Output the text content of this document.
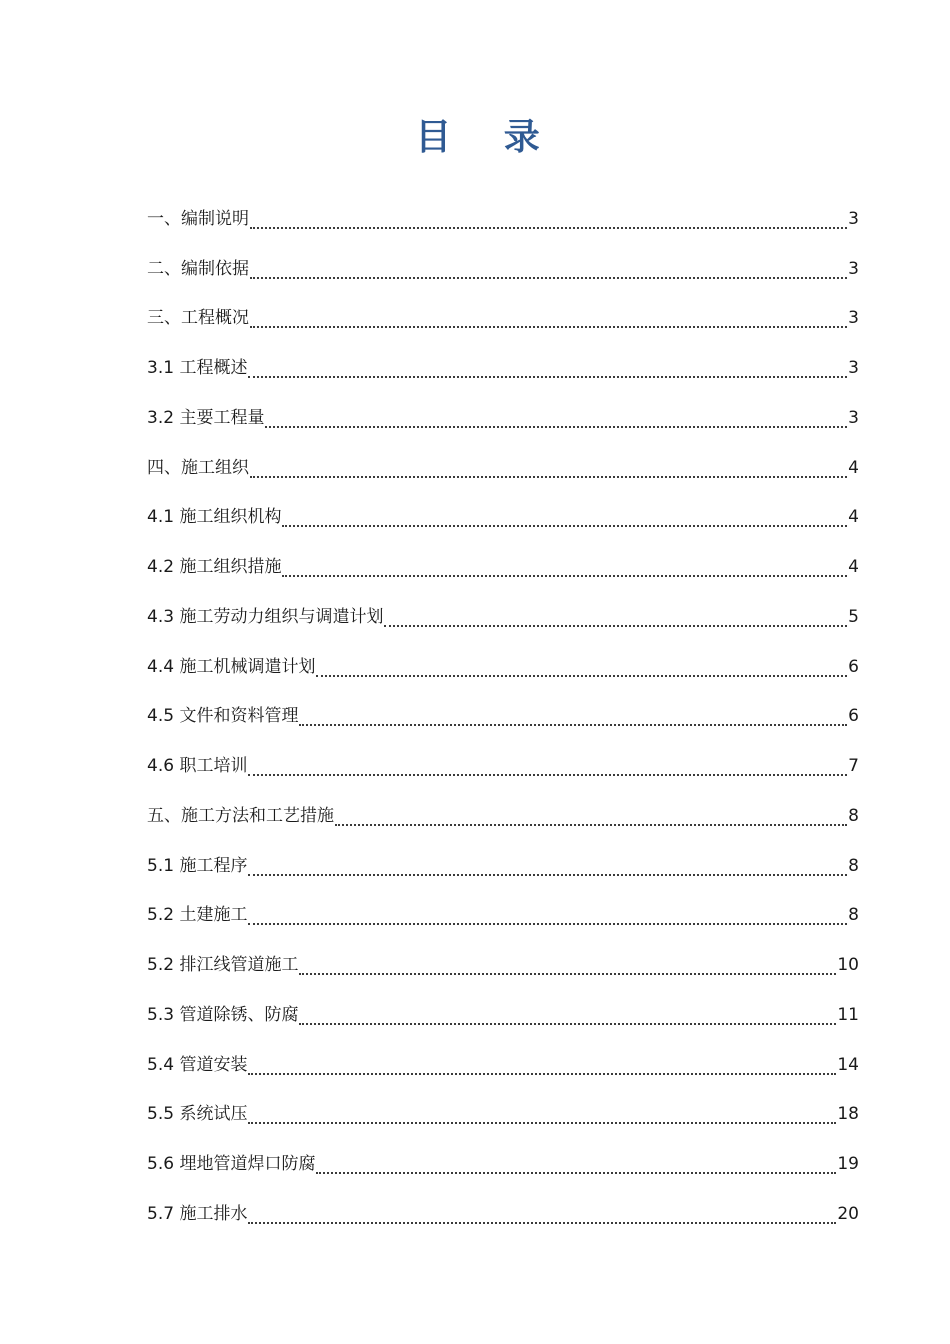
目 录
一、编制说明	3
二、编制依据	3
三、工程概况	3
3.1 工程概述	3
3.2 主要工程量	3
四、施工组织	4
4.1 施工组织机构	4
4.2 施工组织措施	4
4.3 施工劳动力组织与调遣计划	5
4.4 施工机械调遣计划	6
4.5 文件和资料管理	6
4.6 职工培训	7
五、施工方法和工艺措施	8
5.1 施工程序	8
5.2 土建施工	8
5.2 排江线管道施工	10
5.3 管道除锈、防腐	11
5.4 管道安装	14
5.5 系统试压	18
5.6 埋地管道焊口防腐	19
5.7 施工排水	20
